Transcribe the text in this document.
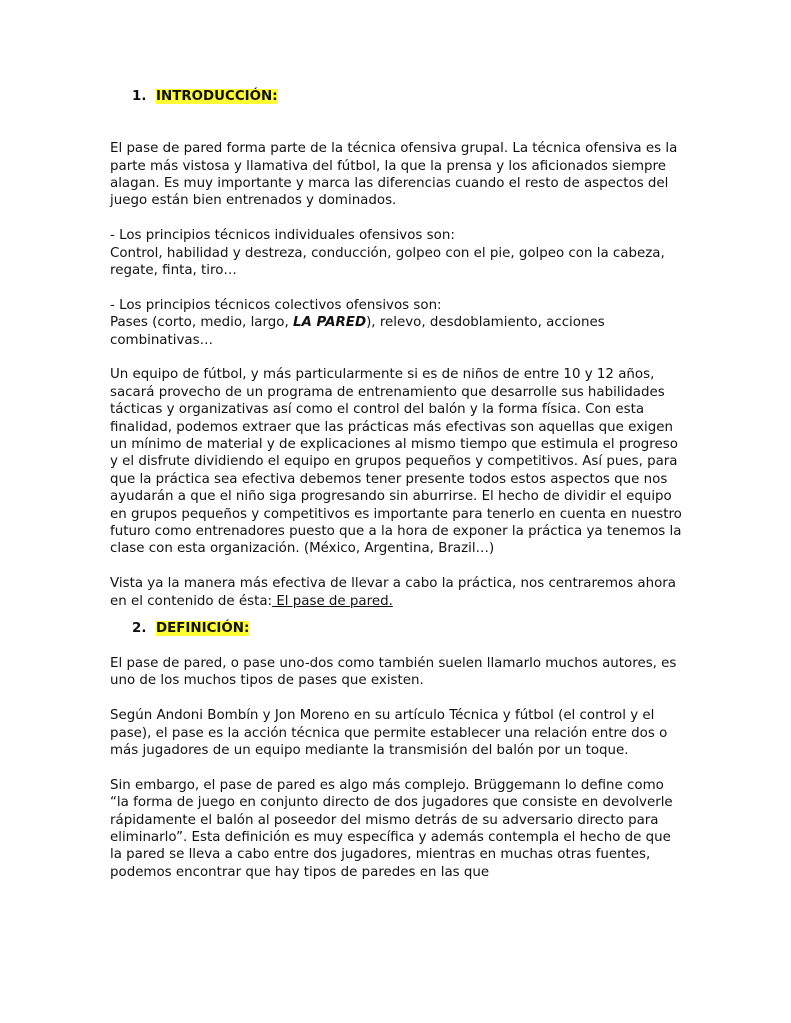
1. INTRODUCCIÓN:

El pase de pared forma parte de la técnica ofensiva grupal. La técnica ofensiva es la parte más vistosa y llamativa del fútbol, la que la prensa y los aficionados siempre alagan. Es muy importante y marca las diferencias cuando el resto de aspectos del juego están bien entrenados y dominados.

- Los principios técnicos individuales ofensivos son:

Control, habilidad y destreza, conducción, golpeo con el pie, golpeo con la cabeza, regate, finta, tiro…

- Los principios técnicos colectivos ofensivos son:

Pases (corto, medio, largo, LA PARED), relevo, desdoblamiento, acciones combinativas…

Un equipo de fútbol, y más particularmente si es de niños de entre 10 y 12 años, sacará provecho de un programa de entrenamiento que desarrolle sus habilidades tácticas y organizativas así como el control del balón y la forma física. Con esta finalidad, podemos extraer que las prácticas más efectivas son aquellas que exigen un mínimo de material y de explicaciones al mismo tiempo que estimula el progreso y el disfrute dividiendo el equipo en grupos pequeños y competitivos. Así pues, para que la práctica sea efectiva debemos tener presente todos estos aspectos que nos ayudarán a que el niño siga progresando sin aburrirse. El hecho de dividir el equipo en grupos pequeños y competitivos es importante para tenerlo en cuenta en nuestro futuro como entrenadores puesto que a la hora de exponer la práctica ya tenemos la clase con esta organización. (México, Argentina, Brazil…)

Vista ya la manera más efectiva de llevar a cabo la práctica, nos centraremos ahora en el contenido de ésta: El pase de pared.

2. DEFINICIÓN:

El pase de pared, o pase uno-dos como también suelen llamarlo muchos autores, es uno de los muchos tipos de pases que existen.

Según Andoni Bombín y Jon Moreno en su artículo Técnica y fútbol (el control y el pase), el pase es la acción técnica que permite establecer una relación entre dos o más jugadores de un equipo mediante la transmisión del balón por un toque.

Sin embargo, el pase de pared es algo más complejo. Brüggemann lo define como “la forma de juego en conjunto directo de dos jugadores que consiste en devolverle rápidamente el balón al poseedor del mismo detrás de su adversario directo para eliminarlo”. Esta definición es muy específica y además contempla el hecho de que la pared se lleva a cabo entre dos jugadores, mientras en muchas otras fuentes, podemos encontrar que hay tipos de paredes en las que
